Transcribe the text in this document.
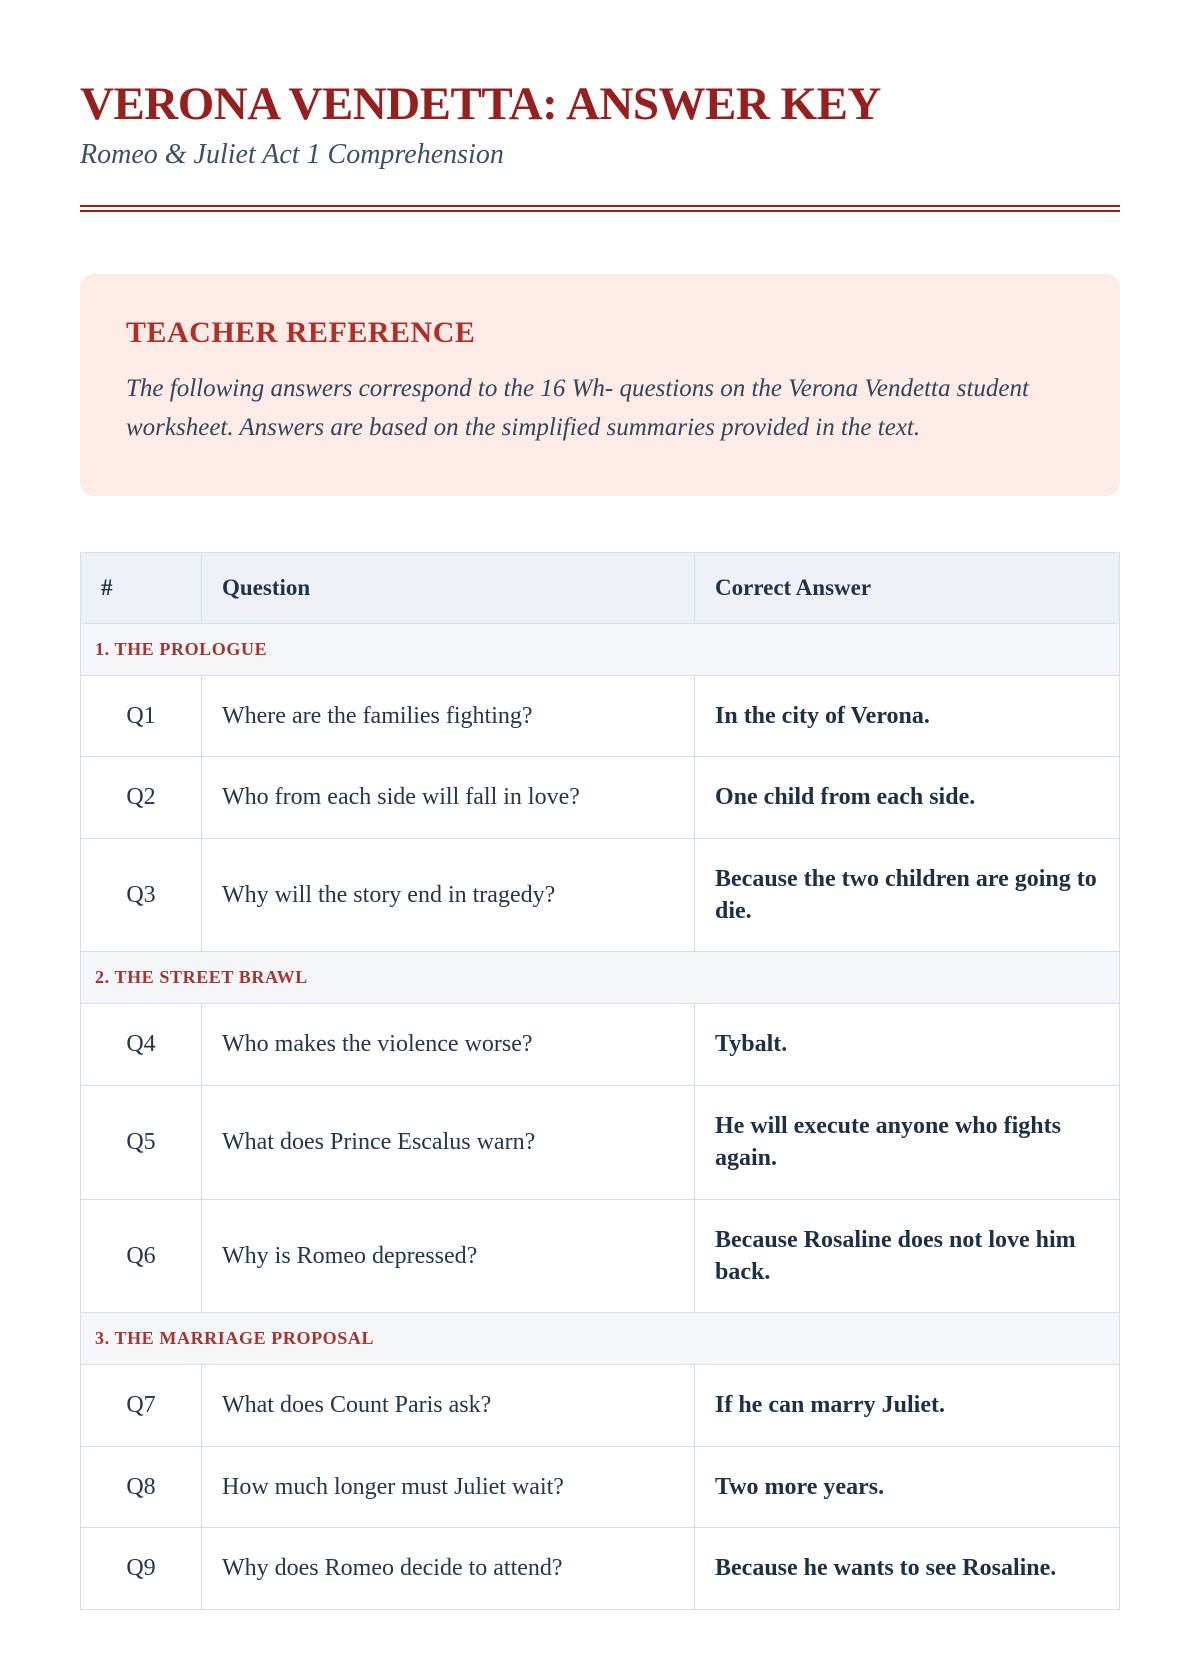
VERONA VENDETTA: ANSWER KEY

Romeo & Juliet Act 1 Comprehension

TEACHER REFERENCE

The following answers correspond to the 16 Wh- questions on the Verona Vendetta student worksheet. Answers are based on the simplified summaries provided in the text.

#	Question	Correct Answer
1. THE PROLOGUE		
Q1	Where are the families fighting?	In the city of Verona.
Q2	Who from each side will fall in love?	One child from each side.
Q3	Why will the story end in tragedy?	Because the two children are going to die.
2. THE STREET BRAWL		
Q4	Who makes the violence worse?	Tybalt.
Q5	What does Prince Escalus warn?	He will execute anyone who fights again.
Q6	Why is Romeo depressed?	Because Rosaline does not love him back.
3. THE MARRIAGE PROPOSAL		
Q7	What does Count Paris ask?	If he can marry Juliet.
Q8	How much longer must Juliet wait?	Two more years.
Q9	Why does Romeo decide to attend?	Because he wants to see Rosaline.
